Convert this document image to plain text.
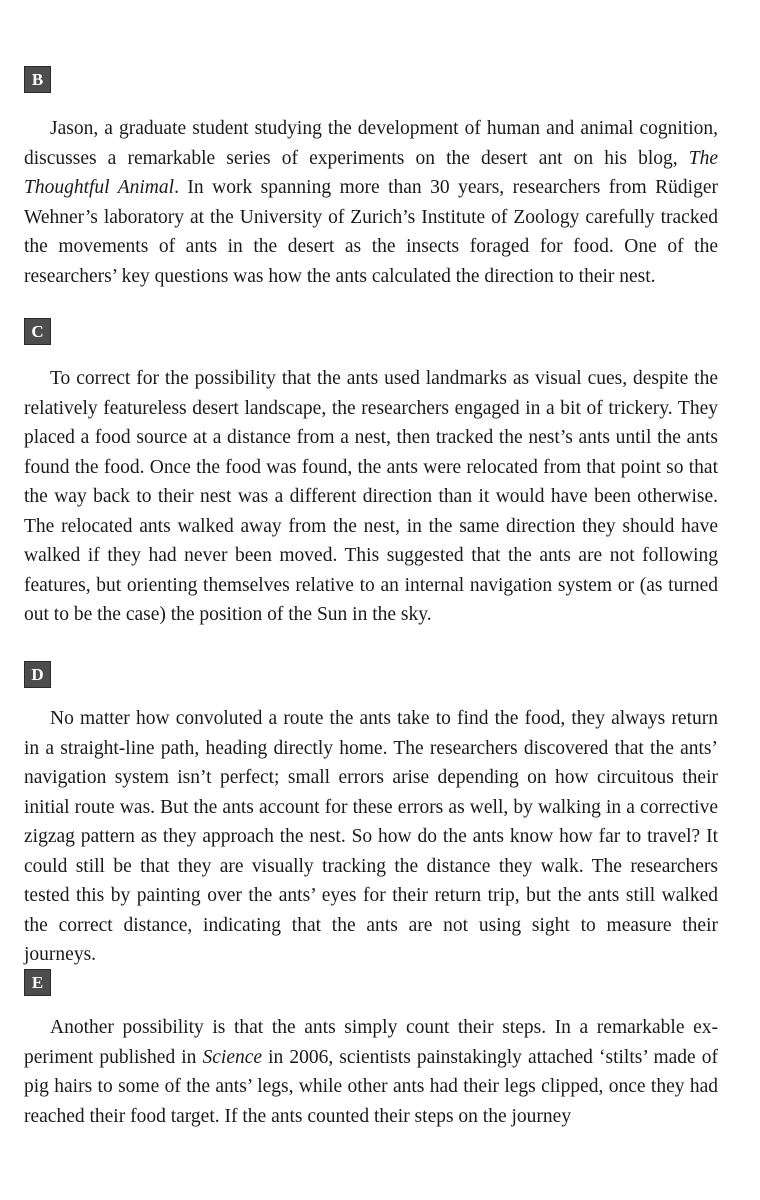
B

Jason, a graduate student studying the development of human and animal cognition, discusses a remarkable series of experiments on the desert ant on his blog, The Thoughtful Animal. In work spanning more than 30 years, researchers from Rüdiger Wehner’s laboratory at the University of Zurich’s Institute of Zoology carefully tracked the movements of ants in the desert as the insects foraged for food. One of the researchers’ key questions was how the ants calculated the direction to their nest.

C

To correct for the possibility that the ants used landmarks as visual cues, despite the relatively featureless desert landscape, the researchers engaged in a bit of trickery. They placed a food source at a distance from a nest, then tracked the nest’s ants until the ants found the food. Once the food was found, the ants were relocated from that point so that the way back to their nest was a different direction than it would have been otherwise. The relocated ants walked away from the nest, in the same direction they should have walked if they had never been moved. This suggested that the ants are not following features, but orienting themselves relative to an internal navigation system or (as turned out to be the case) the position of the Sun in the sky.

D

No matter how convoluted a route the ants take to find the food, they always return in a straight-line path, heading directly home. The researchers discovered that the ants’ navigation system isn’t perfect; small errors arise depending on how circuitous their initial route was. But the ants account for these errors as well, by walking in a corrective zigzag pattern as they approach the nest. So how do the ants know how far to travel? It could still be that they are visually tracking the distance they walk. The researchers tested this by painting over the ants’ eyes for their return trip, but the ants still walked the correct distance, indicating that the ants are not using sight to measure their journeys.

E

Another possibility is that the ants simply count their steps. In a remarkable experiment published in Science in 2006, scientists painstakingly attached ‘stilts’ made of pig hairs to some of the ants’ legs, while other ants had their legs clipped, once they had reached their food target. If the ants counted their steps on the journey
